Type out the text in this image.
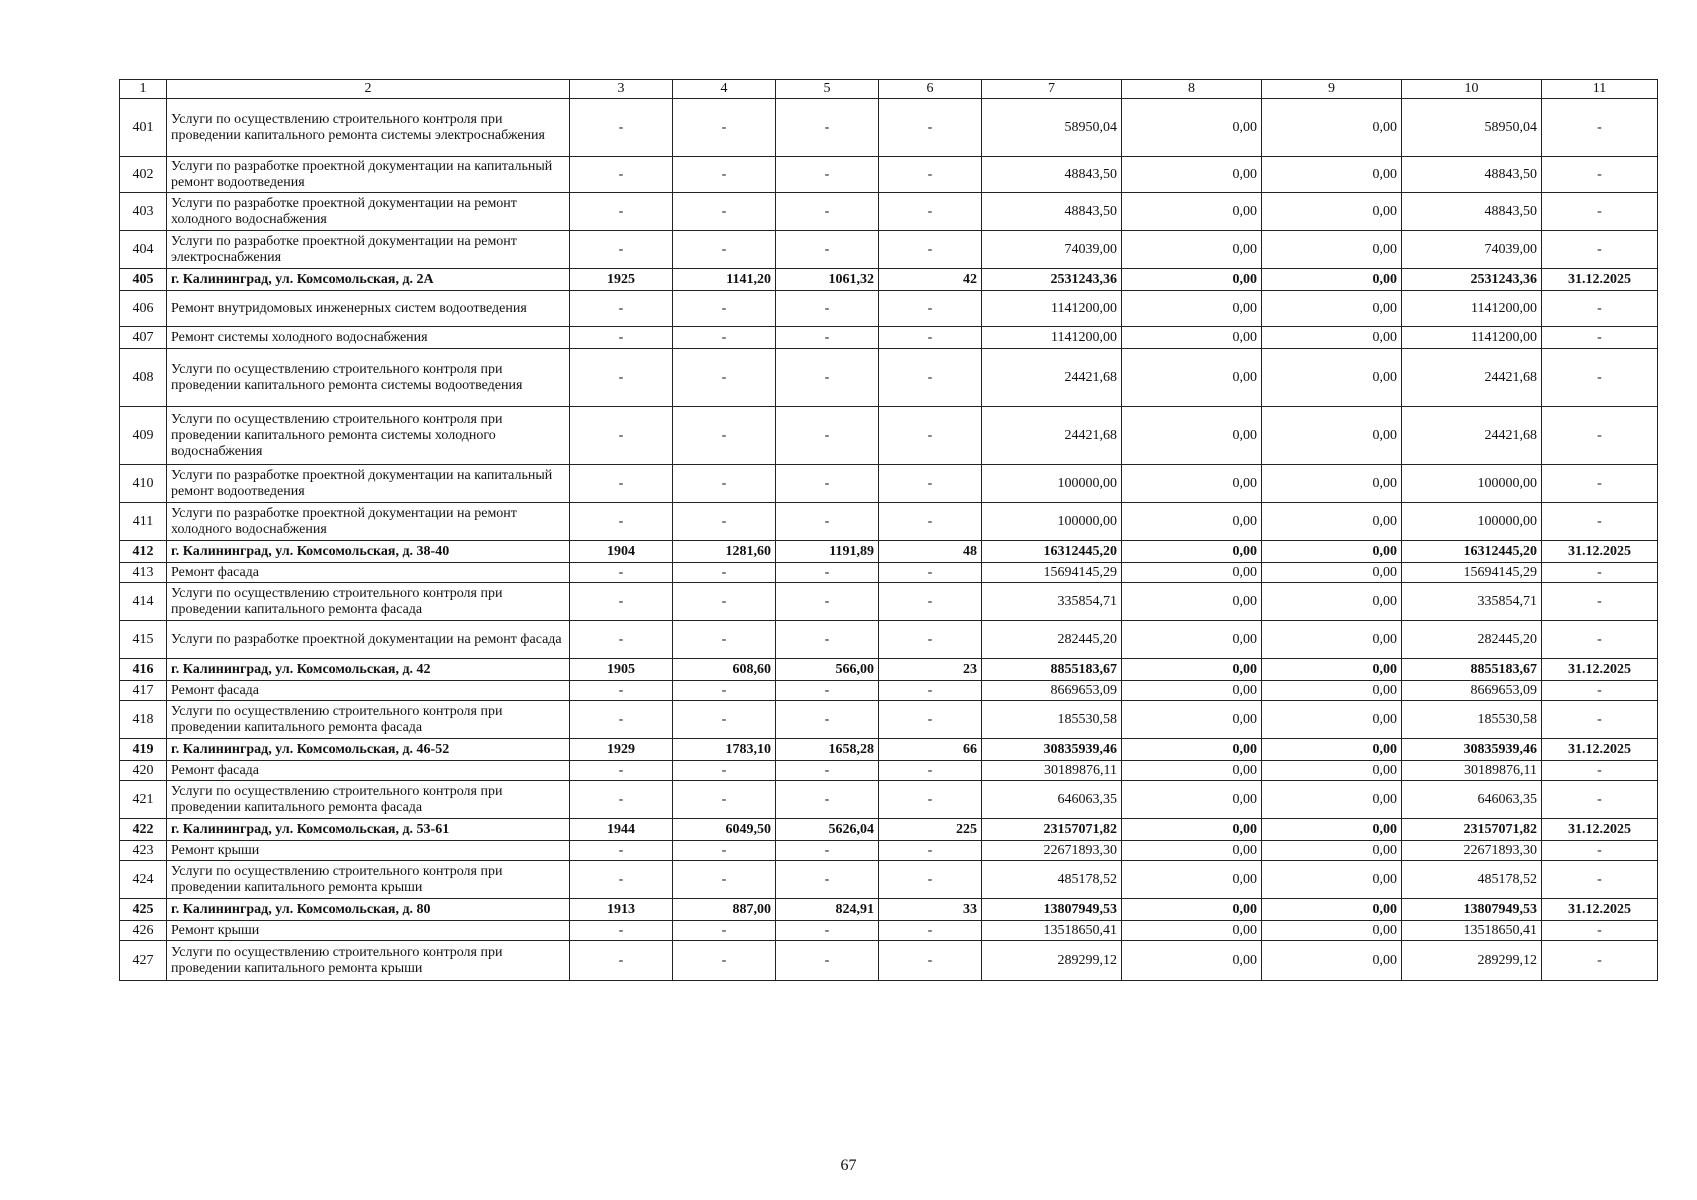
1	2	3	4	5	6	7	8	9	10	11
401	Услуги по осуществлению строительного контроля при проведении капитального ремонта системы электроснабжения	-	-	-	-	58950,04	0,00	0,00	58950,04	-
402	Услуги по разработке проектной документации на капитальный ремонт водоотведения	-	-	-	-	48843,50	0,00	0,00	48843,50	-
403	Услуги по разработке проектной документации на ремонт холодного водоснабжения	-	-	-	-	48843,50	0,00	0,00	48843,50	-
404	Услуги по разработке проектной документации на ремонт электроснабжения	-	-	-	-	74039,00	0,00	0,00	74039,00	-
405	г. Калининград, ул. Комсомольская, д. 2А	1925	1141,20	1061,32	42	2531243,36	0,00	0,00	2531243,36	31.12.2025
406	Ремонт внутридомовых инженерных систем водоотведения	-	-	-	-	1141200,00	0,00	0,00	1141200,00	-
407	Ремонт системы холодного водоснабжения	-	-	-	-	1141200,00	0,00	0,00	1141200,00	-
408	Услуги по осуществлению строительного контроля при проведении капитального ремонта системы водоотведения	-	-	-	-	24421,68	0,00	0,00	24421,68	-
409	Услуги по осуществлению строительного контроля при проведении капитального ремонта системы холодного водоснабжения	-	-	-	-	24421,68	0,00	0,00	24421,68	-
410	Услуги по разработке проектной документации на капитальный ремонт водоотведения	-	-	-	-	100000,00	0,00	0,00	100000,00	-
411	Услуги по разработке проектной документации на ремонт холодного водоснабжения	-	-	-	-	100000,00	0,00	0,00	100000,00	-
412	г. Калининград, ул. Комсомольская, д. 38-40	1904	1281,60	1191,89	48	16312445,20	0,00	0,00	16312445,20	31.12.2025
413	Ремонт фасада	-	-	-	-	15694145,29	0,00	0,00	15694145,29	-
414	Услуги по осуществлению строительного контроля при проведении капитального ремонта фасада	-	-	-	-	335854,71	0,00	0,00	335854,71	-
415	Услуги по разработке проектной документации на ремонт фасада	-	-	-	-	282445,20	0,00	0,00	282445,20	-
416	г. Калининград, ул. Комсомольская, д. 42	1905	608,60	566,00	23	8855183,67	0,00	0,00	8855183,67	31.12.2025
417	Ремонт фасада	-	-	-	-	8669653,09	0,00	0,00	8669653,09	-
418	Услуги по осуществлению строительного контроля при проведении капитального ремонта фасада	-	-	-	-	185530,58	0,00	0,00	185530,58	-
419	г. Калининград, ул. Комсомольская, д. 46-52	1929	1783,10	1658,28	66	30835939,46	0,00	0,00	30835939,46	31.12.2025
420	Ремонт фасада	-	-	-	-	30189876,11	0,00	0,00	30189876,11	-
421	Услуги по осуществлению строительного контроля при проведении капитального ремонта фасада	-	-	-	-	646063,35	0,00	0,00	646063,35	-
422	г. Калининград, ул. Комсомольская, д. 53-61	1944	6049,50	5626,04	225	23157071,82	0,00	0,00	23157071,82	31.12.2025
423	Ремонт крыши	-	-	-	-	22671893,30	0,00	0,00	22671893,30	-
424	Услуги по осуществлению строительного контроля при проведении капитального ремонта крыши	-	-	-	-	485178,52	0,00	0,00	485178,52	-
425	г. Калининград, ул. Комсомольская, д. 80	1913	887,00	824,91	33	13807949,53	0,00	0,00	13807949,53	31.12.2025
426	Ремонт крыши	-	-	-	-	13518650,41	0,00	0,00	13518650,41	-
427	Услуги по осуществлению строительного контроля при проведении капитального ремонта крыши	-	-	-	-	289299,12	0,00	0,00	289299,12	-
67
